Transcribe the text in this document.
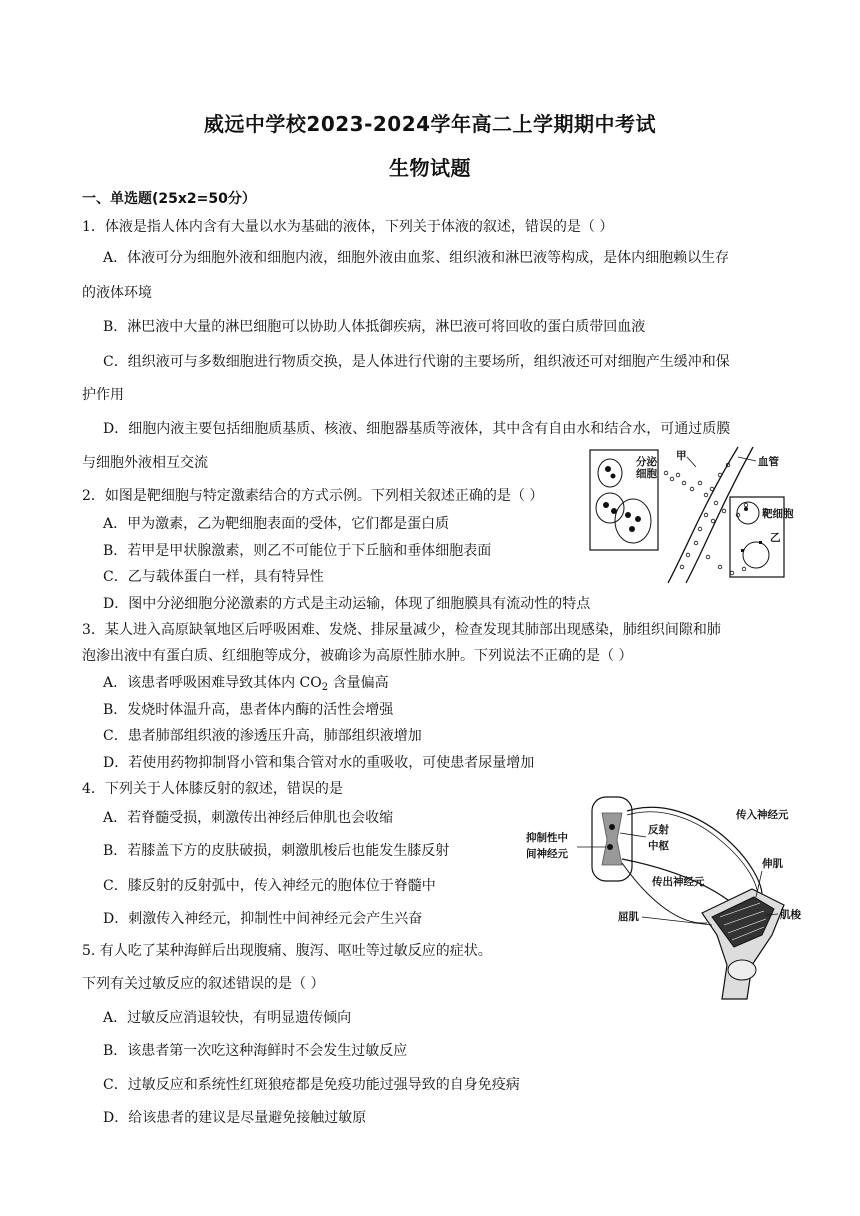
威远中学校2023-2024学年高二上学期期中考试
生物试题
一、单选题(25x2=50分）
1．体液是指人体内含有大量以水为基础的液体，下列关于体液的叙述，错误的是（ ）
A．体液可分为细胞外液和细胞内液，细胞外液由血浆、组织液和淋巴液等构成，是体内细胞赖以生存
的液体环境
B．淋巴液中大量的淋巴细胞可以协助人体抵御疾病，淋巴液可将回收的蛋白质带回血液
C．组织液可与多数细胞进行物质交换，是人体进行代谢的主要场所，组织液还可对细胞产生缓冲和保
护作用
D．细胞内液主要包括细胞质基质、核液、细胞器基质等液体，其中含有自由水和结合水，可通过质膜
与细胞外液相互交流
2．如图是靶细胞与特定激素结合的方式示例。下列相关叙述正确的是（ ）
A．甲为激素，乙为靶细胞表面的受体，它们都是蛋白质
B．若甲是甲状腺激素，则乙不可能位于下丘脑和垂体细胞表面
C．乙与载体蛋白一样，具有特异性
D．图中分泌细胞分泌激素的方式是主动运输，体现了细胞膜具有流动性的特点
分泌
细胞
甲	血管
靶细胞
乙
3．某人进入高原缺氧地区后呼吸困难、发烧、排尿量减少，检查发现其肺部出现感染，肺组织间隙和肺
泡渗出液中有蛋白质、红细胞等成分，被确诊为高原性肺水肿。下列说法不正确的是（ ）
A．该患者呼吸困难导致其体内 $CO_2$ 含量偏高
B．发烧时体温升高，患者体内酶的活性会增强
C．患者肺部组织液的渗透压升高，肺部组织液增加
D．若使用药物抑制肾小管和集合管对水的重吸收，可使患者尿量增加
4．下列关于人体膝反射的叙述，错误的是
A．若脊髓受损，刺激传出神经后伸肌也会收缩
B．若膝盖下方的皮肤破损，刺激肌梭后也能发生膝反射
C．膝反射的反射弧中，传入神经元的胞体位于脊髓中
D．刺激传入神经元，抑制性中间神经元会产生兴奋
传入神经元
抑制性中
间神经元
反射
中枢
伸肌
传出神经元
屈肌	肌梭
5. 有人吃了某种海鲜后出现腹痛、腹泻、呕吐等过敏反应的症状。
下列有关过敏反应的叙述错误的是（ ）
A．过敏反应消退较快，有明显遗传倾向
B．该患者第一次吃这种海鲜时不会发生过敏反应
C．过敏反应和系统性红斑狼疮都是免疫功能过强导致的自身免疫病
D．给该患者的建议是尽量避免接触过敏原
